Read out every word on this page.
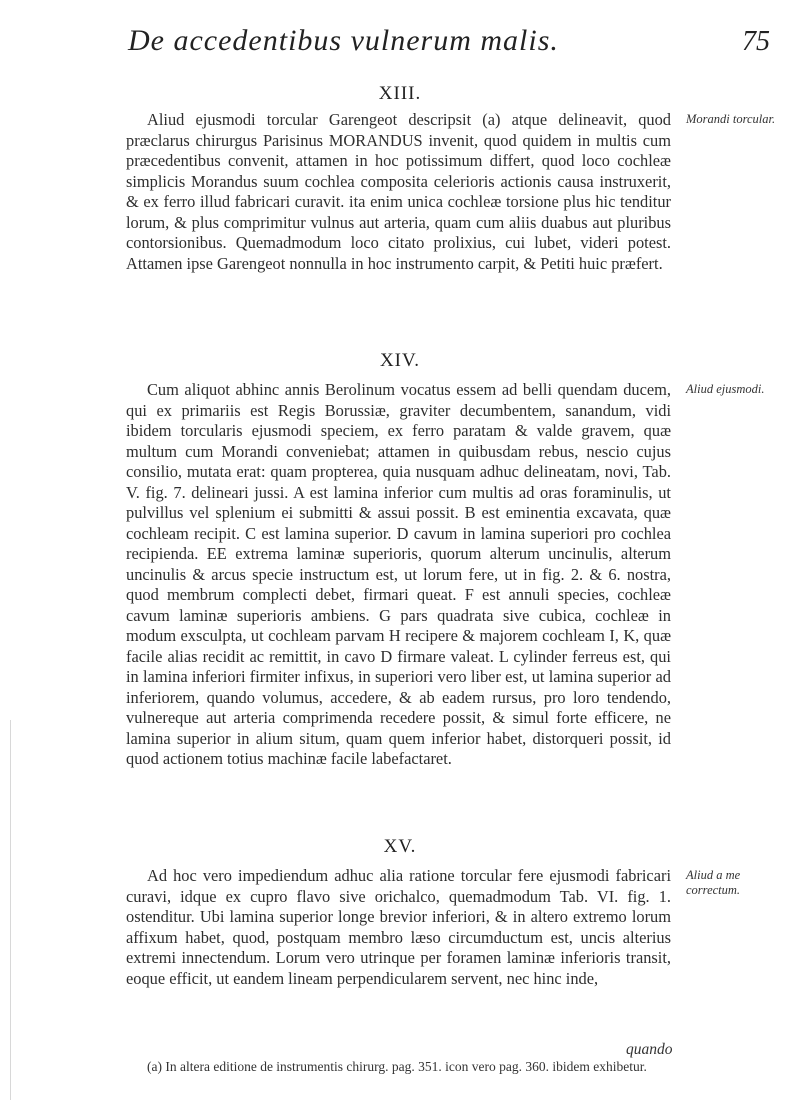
De accedentibus vulnerum malis.	75
XIII.

Aliud ejusmodi torcular Garengeot descripsit (a) atque delineavit, quod præclarus chirurgus Parisinus MORANDUS invenit, quod quidem in multis cum præcedentibus convenit, attamen in hoc potissimum differt, quod loco cochleæ simplicis Morandus suum cochlea composita celerioris actionis causa instruxerit, & ex ferro illud fabricari curavit. ita enim unica cochleæ torsione plus hic tenditur lorum, & plus comprimitur vulnus aut arteria, quam cum aliis duabus aut pluribus contorsionibus. Quemadmodum loco citato prolixius, cui lubet, videri potest. Attamen ipse Garengeot nonnulla in hoc instrumento carpit, & Petiti huic præfert.

Morandi torcular.
XIV.

Cum aliquot abhinc annis Berolinum vocatus essem ad belli quendam ducem, qui ex primariis est Regis Borussiæ, graviter decumbentem, sanandum, vidi ibidem torcularis ejusmodi speciem, ex ferro paratam & valde gravem, quæ multum cum Morandi conveniebat; attamen in quibusdam rebus, nescio cujus consilio, mutata erat: quam propterea, quia nusquam adhuc delineatam, novi, Tab. V. fig. 7. delineari jussi. A est lamina inferior cum multis ad oras foraminulis, ut pulvillus vel splenium ei submitti & assui possit. B est eminentia excavata, quæ cochleam recipit. C est lamina superior. D cavum in lamina superiori pro cochlea recipienda. EE extrema laminæ superioris, quorum alterum uncinulis, alterum uncinulis & arcus specie instructum est, ut lorum fere, ut in fig. 2. & 6. nostra, quod membrum complecti debet, firmari queat. F est annuli species, cochleæ cavum laminæ superioris ambiens. G pars quadrata sive cubica, cochleæ in modum exsculpta, ut cochleam parvam H recipere & majorem cochleam I, K, quæ facile alias recidit ac remittit, in cavo D firmare valeat. L cylinder ferreus est, qui in lamina inferiori firmiter infixus, in superiori vero liber est, ut lamina superior ad inferiorem, quando volumus, accedere, & ab eadem rursus, pro loro tendendo, vulnereque aut arteria comprimenda recedere possit, & simul forte efficere, ne lamina superior in alium situm, quam quem inferior habet, distorqueri possit, id quod actionem totius machinæ facile labefactaret.

Aliud ejusmodi.
XV.

Ad hoc vero impediendum adhuc alia ratione torcular fere ejusmodi fabricari curavi, idque ex cupro flavo sive orichalco, quemadmodum Tab. VI. fig. 1. ostenditur. Ubi lamina superior longe brevior inferiori, & in altero extremo lorum affixum habet, quod, postquam membro læso circumductum est, uncis alterius extremi innectendum. Lorum vero utrinque per foramen laminæ inferioris transit, eoque efficit, ut eandem lineam perpendicularem servent, nec hinc inde,

Aliud a me correctum.
quando

(a) In altera editione de instrumentis chirurg. pag. 351. icon vero pag. 360. ibidem exhibetur.
